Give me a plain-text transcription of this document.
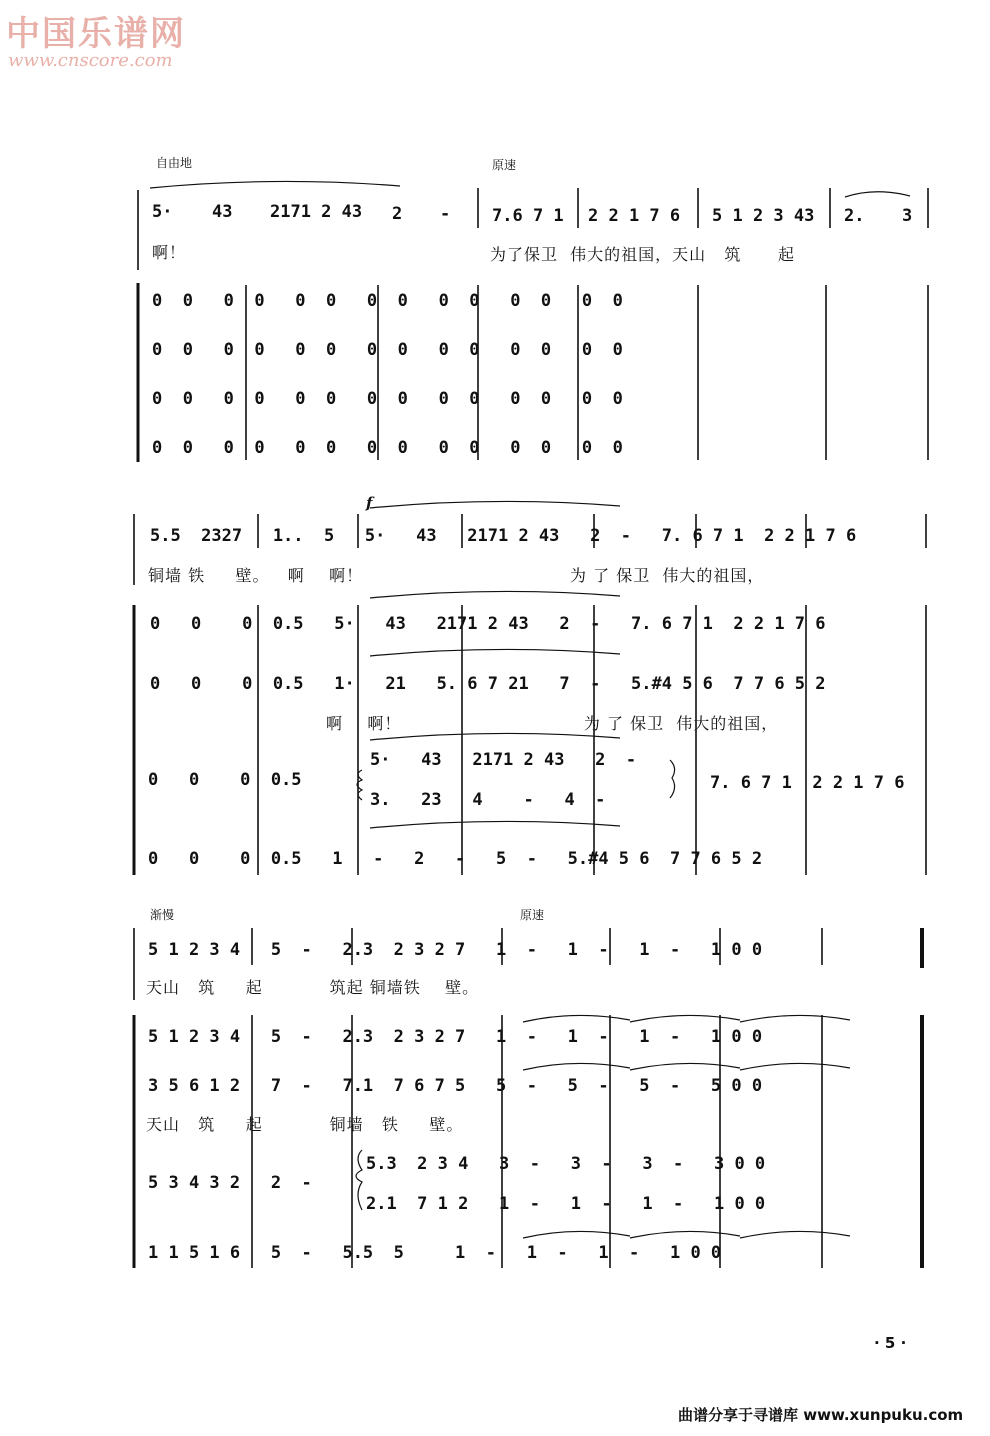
中国乐谱网
www.cnscore.com
自由地	原速
5· 43 2171 2 43 2 - 7.6 7 1 2 2 1 7 6 5 1 2 3 43 2. 3
啊！	为了保卫  伟大的祖国，天山   筑      起
0  0   0  0   0  0   0  0   0  0   0  0   0  0
0  0   0  0   0  0   0  0   0  0   0  0   0  0
0  0   0  0   0  0   0  0   0  0   0  0   0  0
0  0   0  0   0  0   0  0   0  0   0  0   0  0
f
5.5  2327   1..  5   5·   43   2171 2 43   2  -   7. 6 7 1  2 2 1 7 6
铜墙 铁     壁。   啊    啊！                                  为 了 保卫  伟大的祖国，
0   0    0  0.5   5·   43   2171 2 43   2  -   7. 6 7 1  2 2 1 7 6
0   0    0  0.5   1·   21   5. 6 7 21   7  -   5.#4 5 6  7 7 6 5 2
啊    啊！                              为 了 保卫  伟大的祖国，
0   0    0  0.5
5·   43   2171 2 43   2  -
3.   23   4    -   4  -
7. 6 7 1  2 2 1 7 6
0   0    0  0.5   1   -   2   -   5  -   5.#4 5 6  7 7 6 5 2
渐慢	原速
5 1 2 3 4   5  -   2.3  2 3 2 7   1  -   1  -   1  -   1 0 0
天山   筑     起           筑起 铜墙铁    壁。
5 1 2 3 4   5  -   2.3  2 3 2 7   1  -   1  -   1  -   1 0 0
3 5 6 1 2   7  -   7.1  7 6 7 5   5  -   5  -   5  -   5 0 0
天山   筑     起           铜墙   铁     壁。
5 3 4 3 2   2  -
5.3  2 3 4   3  -   3  -   3  -   3 0 0
2.1  7 1 2   1  -   1  -   1  -   1 0 0
1 1 5 1 6   5  -   5.5  5     1  -   1  -   1  -   1 0 0
· 5 ·
曲谱分享于寻谱库 www.xunpuku.com
